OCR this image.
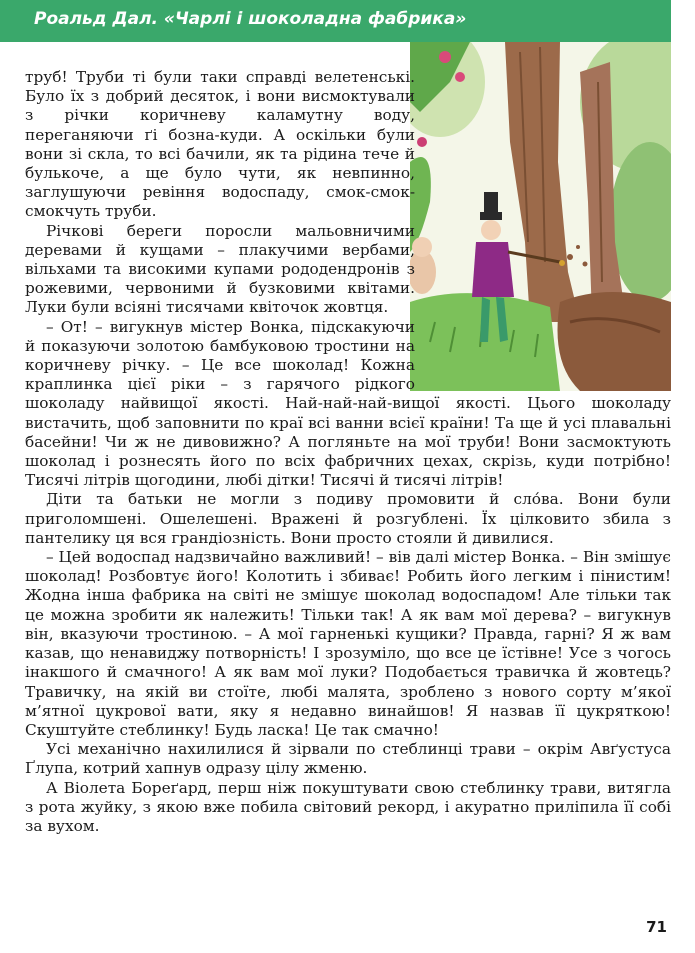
Роальд Дал. «Чарлі і шоколадна фабрика»

труб! Труби ті були таки справді велетенські. Було їх з добрий десяток, і вони висмоктували з річки коричневу каламутну воду, переганяючи ґі бозна-куди. А оскільки були вони зі скла, то всі бачили, як та рідина тече й булькоче, а ще було чути, як невпинно, заглушуючи ревіння водоспаду, смок-смок-смокчуть труби.

Річкові береги поросли мальовничими деревами й кущами – плакучими вербами, вільхами та високими купами рододендронів з рожевими, червоними й бузковими квітами. Луки були всіяні тисячами квіточок жовтця.

– От! – вигукнув містер Вонка, підскакуючи й показуючи золотою бамбуковою тростини на коричневу річку. – Це все шоколад! Кожна краплинка цієї ріки – з гарячого рідкого шоколаду найвищої якості. Най-най-най-вищої якості. Цього шоколаду вистачить, щоб заповнити по краї всі ванни всієї країни! Та ще й усі плавальні басейни! Чи ж не дивовижно? А погляньте на мої труби! Вони засмоктують шоколад і рознесять його по всіх фабричних цехах, скрізь, куди потрібно! Тисячі літрів щогодини, любі дітки! Тисячі й тисячі літрів!

Діти та батьки не могли з подиву промовити й сло́ва. Вони були приголомшені. Ошелешені. Вражені й розгублені. Їх цілковито збила з пантелику ця вся грандіозність. Вони просто стояли й дивилися.

– Цей водоспад надзвичайно важливий! – вів далі містер Вонка. – Він змішує шоколад! Розбовтує його! Колотить і збиває! Робить його легким і пінистим! Жодна інша фабрика на світі не змішує шоколад водоспадом! Але тільки так це можна зробити як належить! Тільки так! А як вам мої дерева? – вигукнув він, вказуючи тростиною. – А мої гарненькі кущики? Правда, гарні? Я ж вам казав, що ненавиджу потворність! І зрозуміло, що все це їстівне! Усе з чогось інакшого й смачного! А як вам мої луки? Подобається травичка й жовтець? Травичку, на якій ви стоїте, любі малята, зроблено з нового сорту м’якої м’ятної цукрової вати, яку я недавно винайшов! Я назвав її цукряткою! Скуштуйте стеблинку! Будь ласка! Це так смачно!

Усі механічно нахилилися й зірвали по стеблинці трави – окрім Авґустуса Ґлупа, котрий хапнув одразу цілу жменю.

А Віолета Бореґард, перш ніж покуштувати свою стеблинку трави, витягла з рота жуйку, з якою вже побила світовий рекорд, і акуратно приліпила її собі за вухом.

71
